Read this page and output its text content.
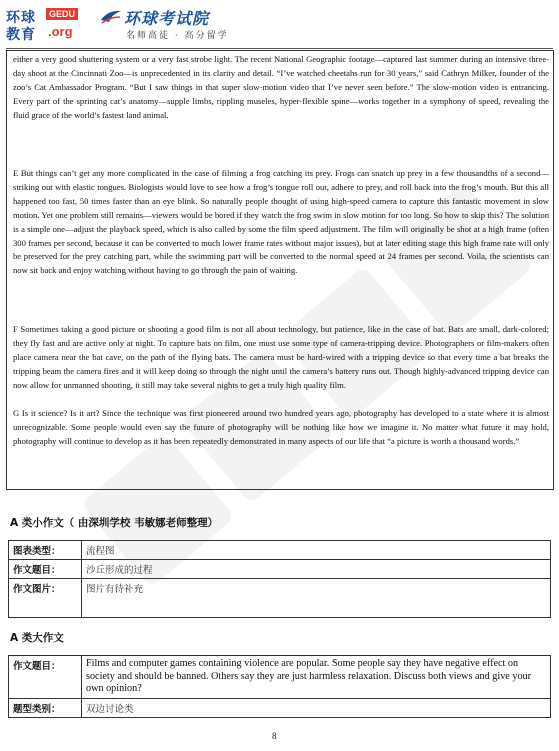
环球
教育
GEDU
.org
环球考试院
名师高徒 · 高分留学

either a very good shuttering system or a very fast strobe light. The recent National Geographic footage—captured last summer during an intensive three-day shoot at the Cincinnati Zoo—is unprecedented in its clarity and detail. “I’ve watched cheetahs run for 30 years,” said Cathryn Milker, founder of the zoo’s Cat Ambassador Program. “But I saw things in that super slow-motion video that I’ve never seen before.” The slow-motion video is entrancing. Every part of the sprinting cat’s anatomy—supple limbs, rippling museles, hyper-flexible spine—works together in a symphony of speed, revealing the fluid grace of the world’s fastest land animal.

E But things can’t get any more complicated in the case of filming a frog catching its prey. Frogs can snatch up prey in a few thousandths of a second— striking out with elastic tongues. Biologists would love to see how a frog’s tongue roll out, adhere to prey, and roll back into the frog’s mouth. But this all happened too fast, 50 times faster than an eye blink. So naturally people thought of using high-speed camera to capture this fantastic movement in slow motion. Yet one problem still remains—viewers would be bored if they watch the frog swim in slow motion for too long. So how to skip this? The solution is a simple one—adjust the playback speed, which is also called by some the film speed adjustment. The film will originally be shot at a high frame (often 300 frames per second, because it can be converted to much lower frame rates without major issues), but at later editing stage this high frame rate will only be preserved for the prey catching part, while the swimming part will be converted to the normal speed at 24 frames per second. Voila, the scientists can now sit back and enjoy watching without having to go through the pain of waiting.

F Sometimes taking a good picture or shooting a good film is not all about technology, but patience, like in the case of bat. Bats are small, dark-colored; they fly fast and are active only at night. To capture bats on film, one must use some type of camera-tripping device. Photographers or film-makers often place camera near the bat cave, on the path of the flying bats. The camera must be hard-wired with a tripping device so that every time a bat breaks the tripping beam the camera fires and it will keep doing so through the night until the camera’s battery runs out. Though highly-advanced tripping device can now allow for unmanned shooting, it still may take several nights to get a truly high quality film.

G Is it science? Is it art? Since the technique was first pioneered around two hundred years ago, photography has developed to a state where it is almost unrecognizable. Some people would even say the future of photography will be nothing like how we imagine it. No matter what future it may hold, photography will continue to develop as it has been repeatedly demonstrated in many aspects of our life that “a picture is worth a thousand words.”

A 类小作文（ 由深圳学校 韦敏娜老师整理）
图表类型：	流程图
作文题目：	沙丘形成的过程
作文图片：	图片有待补充
A 类大作文
作文题目：	Films and computer games containing violence are popular. Some people say they have negative effect on society and should be banned. Others say they are just harmless relaxation. Discuss both views and give your own opinion?
题型类别：	双边讨论类
8
